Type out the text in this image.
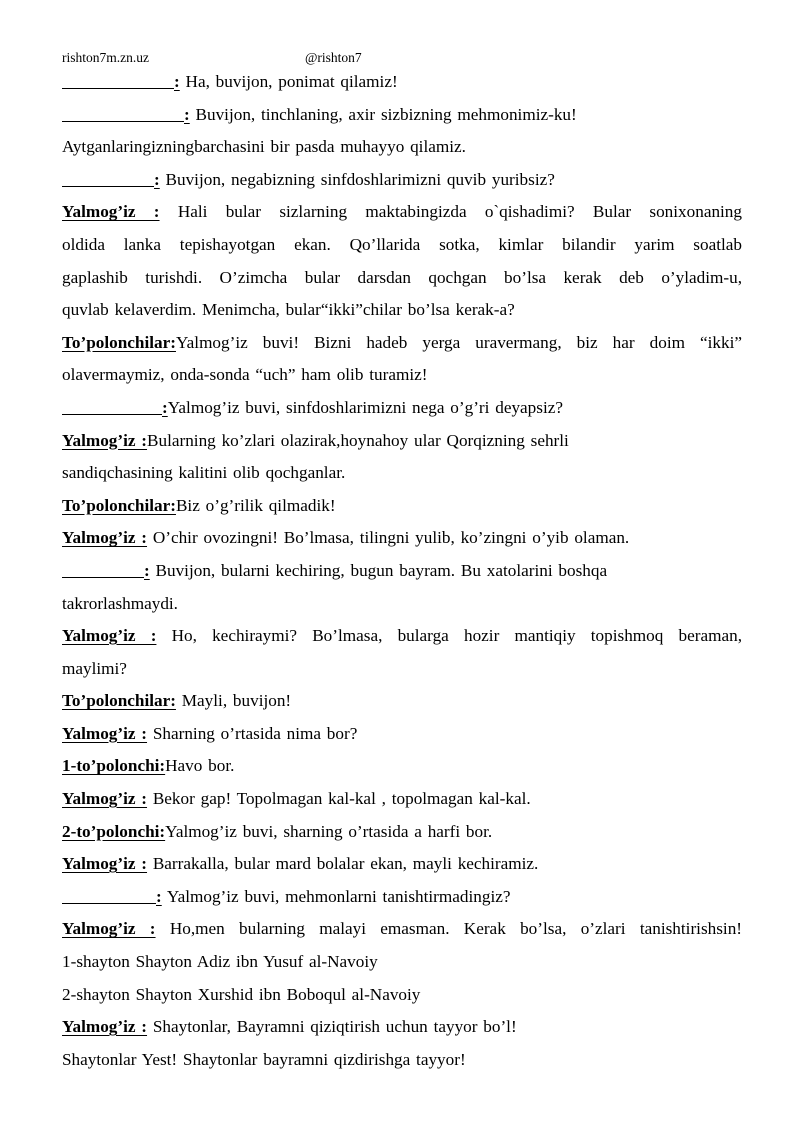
rishton7m.zn.uz	@rishton7
: Ha, buvijon, ponimat qilamiz!
: Buvijon, tinchlaning, axir sizbizning mehmonimiz-ku!
Aytganlaringizningbarchasini bir pasda muhayyo qilamiz.
: Buvijon, negabizning sinfdoshlarimizni quvib yuribsiz?
Yalmog’iz : Hali bular sizlarning maktabingizda o`qishadimi? Bular sonixonaning
oldida lanka tepishayotgan ekan. Qo’llarida sotka, kimlar bilandir yarim soatlab
gaplashib turishdi. O’zimcha bular darsdan qochgan bo’lsa kerak deb o’yladim-u,
quvlab kelaverdim. Menimcha, bular“ikki”chilar bo’lsa kerak-a?
To’polonchilar:Yalmog’iz buvi! Bizni hadeb yerga uravermang, biz har doim “ikki”
olavermaymiz, onda-sonda “uch” ham olib turamiz!
:Yalmog’iz buvi, sinfdoshlarimizni nega o’g’ri deyapsiz?
Yalmog’iz :Bularning ko’zlari olazirak,hoynahoy ular Qorqizning sehrli
sandiqchasining kalitini olib qochganlar.
To’polonchilar:Biz o’g’rilik qilmadik!
Yalmog’iz : O’chir ovozingni! Bo’lmasa, tilingni yulib, ko’zingni o’yib olaman.
: Buvijon, bularni kechiring, bugun bayram. Bu xatolarini boshqa
takrorlashmaydi.
Yalmog’iz : Ho, kechiraymi? Bo’lmasa, bularga hozir mantiqiy topishmoq beraman,
maylimi?
To’polonchilar: Mayli, buvijon!
Yalmog’iz : Sharning o’rtasida nima bor?
1-to’polonchi:Havo bor.
Yalmog’iz : Bekor gap! Topolmagan kal-kal , topolmagan kal-kal.
2-to’polonchi:Yalmog’iz buvi, sharning o’rtasida a harfi bor.
Yalmog’iz : Barrakalla, bular mard bolalar ekan, mayli kechiramiz.
: Yalmog’iz buvi, mehmonlarni tanishtirmadingiz?
Yalmog’iz : Ho,men bularning malayi emasman. Kerak bo’lsa, o’zlari tanishtirishsin!
1-shayton Shayton Adiz ibn Yusuf al-Navoiy
2-shayton Shayton Xurshid ibn Boboqul al-Navoiy
Yalmog’iz : Shaytonlar, Bayramni qiziqtirish uchun tayyor bo’l!
Shaytonlar Yest! Shaytonlar bayramni qizdirishga tayyor!
